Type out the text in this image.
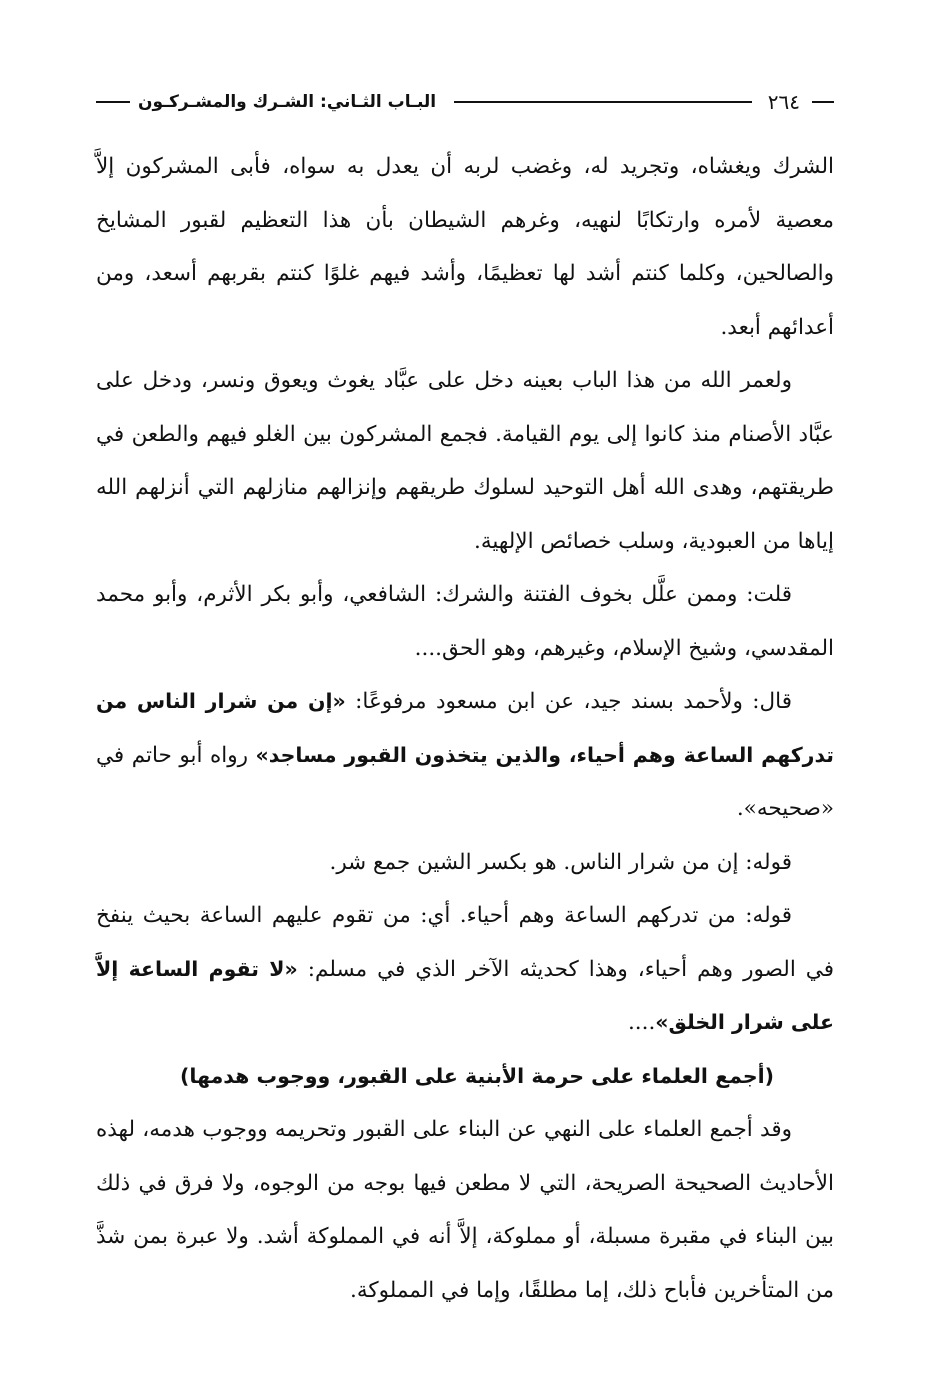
٢٦٤
البـاب الثـاني: الشـرك والمشـركـون

الشرك ويغشاه، وتجريد له، وغضب لربه أن يعدل به سواه، فأبى المشركون إلاَّ معصية لأمره وارتكابًا لنهيه، وغرهم الشيطان بأن هذا التعظيم لقبور المشايخ والصالحين، وكلما كنتم أشد لها تعظيمًا، وأشد فيهم غلوًا كنتم بقربهم أسعد، ومن أعدائهم أبعد.

ولعمر الله من هذا الباب بعينه دخل على عبَّاد يغوث ويعوق ونسر، ودخل على عبَّاد الأصنام منذ كانوا إلى يوم القيامة. فجمع المشركون بين الغلو فيهم والطعن في طريقتهم، وهدى الله أهل التوحيد لسلوك طريقهم وإنزالهم منازلهم التي أنزلهم الله إياها من العبودية، وسلب خصائص الإلهية.

قلت: وممن علَّل بخوف الفتنة والشرك: الشافعي، وأبو بكر الأثرم، وأبو محمد المقدسي، وشيخ الإسلام، وغيرهم، وهو الحق....

قال: ولأحمد بسند جيد، عن ابن مسعود مرفوعًا: «إن من شرار الناس من تدركهم الساعة وهم أحياء، والذين يتخذون القبور مساجد» رواه أبو حاتم في «صحيحه».

قوله: إن من شرار الناس. هو بكسر الشين جمع شر.

قوله: من تدركهم الساعة وهم أحياء. أي: من تقوم عليهم الساعة بحيث ينفخ في الصور وهم أحياء، وهذا كحديثه الآخر الذي في مسلم: «لا تقوم الساعة إلاَّ على شرار الخلق»....

(أجمع العلماء على حرمة الأبنية على القبور، ووجوب هدمها)

وقد أجمع العلماء على النهي عن البناء على القبور وتحريمه ووجوب هدمه، لهذه الأحاديث الصحيحة الصريحة، التي لا مطعن فيها بوجه من الوجوه، ولا فرق في ذلك بين البناء في مقبرة مسبلة، أو مملوكة، إلاَّ أنه في المملوكة أشد. ولا عبرة بمن شذَّ من المتأخرين فأباح ذلك، إما مطلقًا، وإما في المملوكة.
